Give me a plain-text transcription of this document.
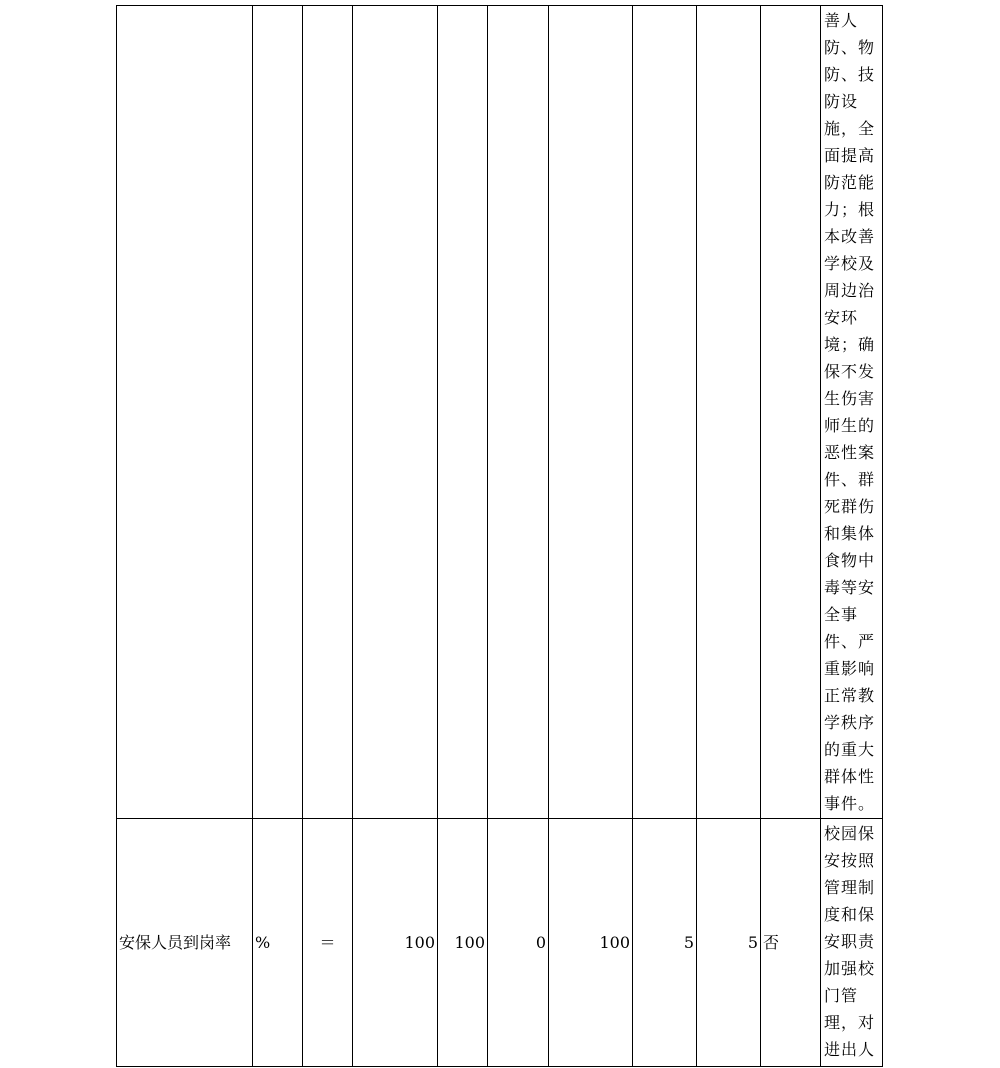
										善人防、物防、技防设施，全面提高防范能力；根本改善学校及周边治安环境；确保不发生伤害师生的恶性案件、群死群伤和集体食物中毒等安全事件、严重影响正常教学秩序的重大群体性事件。
安保人员到岗率	%	＝	100	100	0	100	5	5	否	校园保安按照管理制度和保安职责加强校门管理，对进出人
